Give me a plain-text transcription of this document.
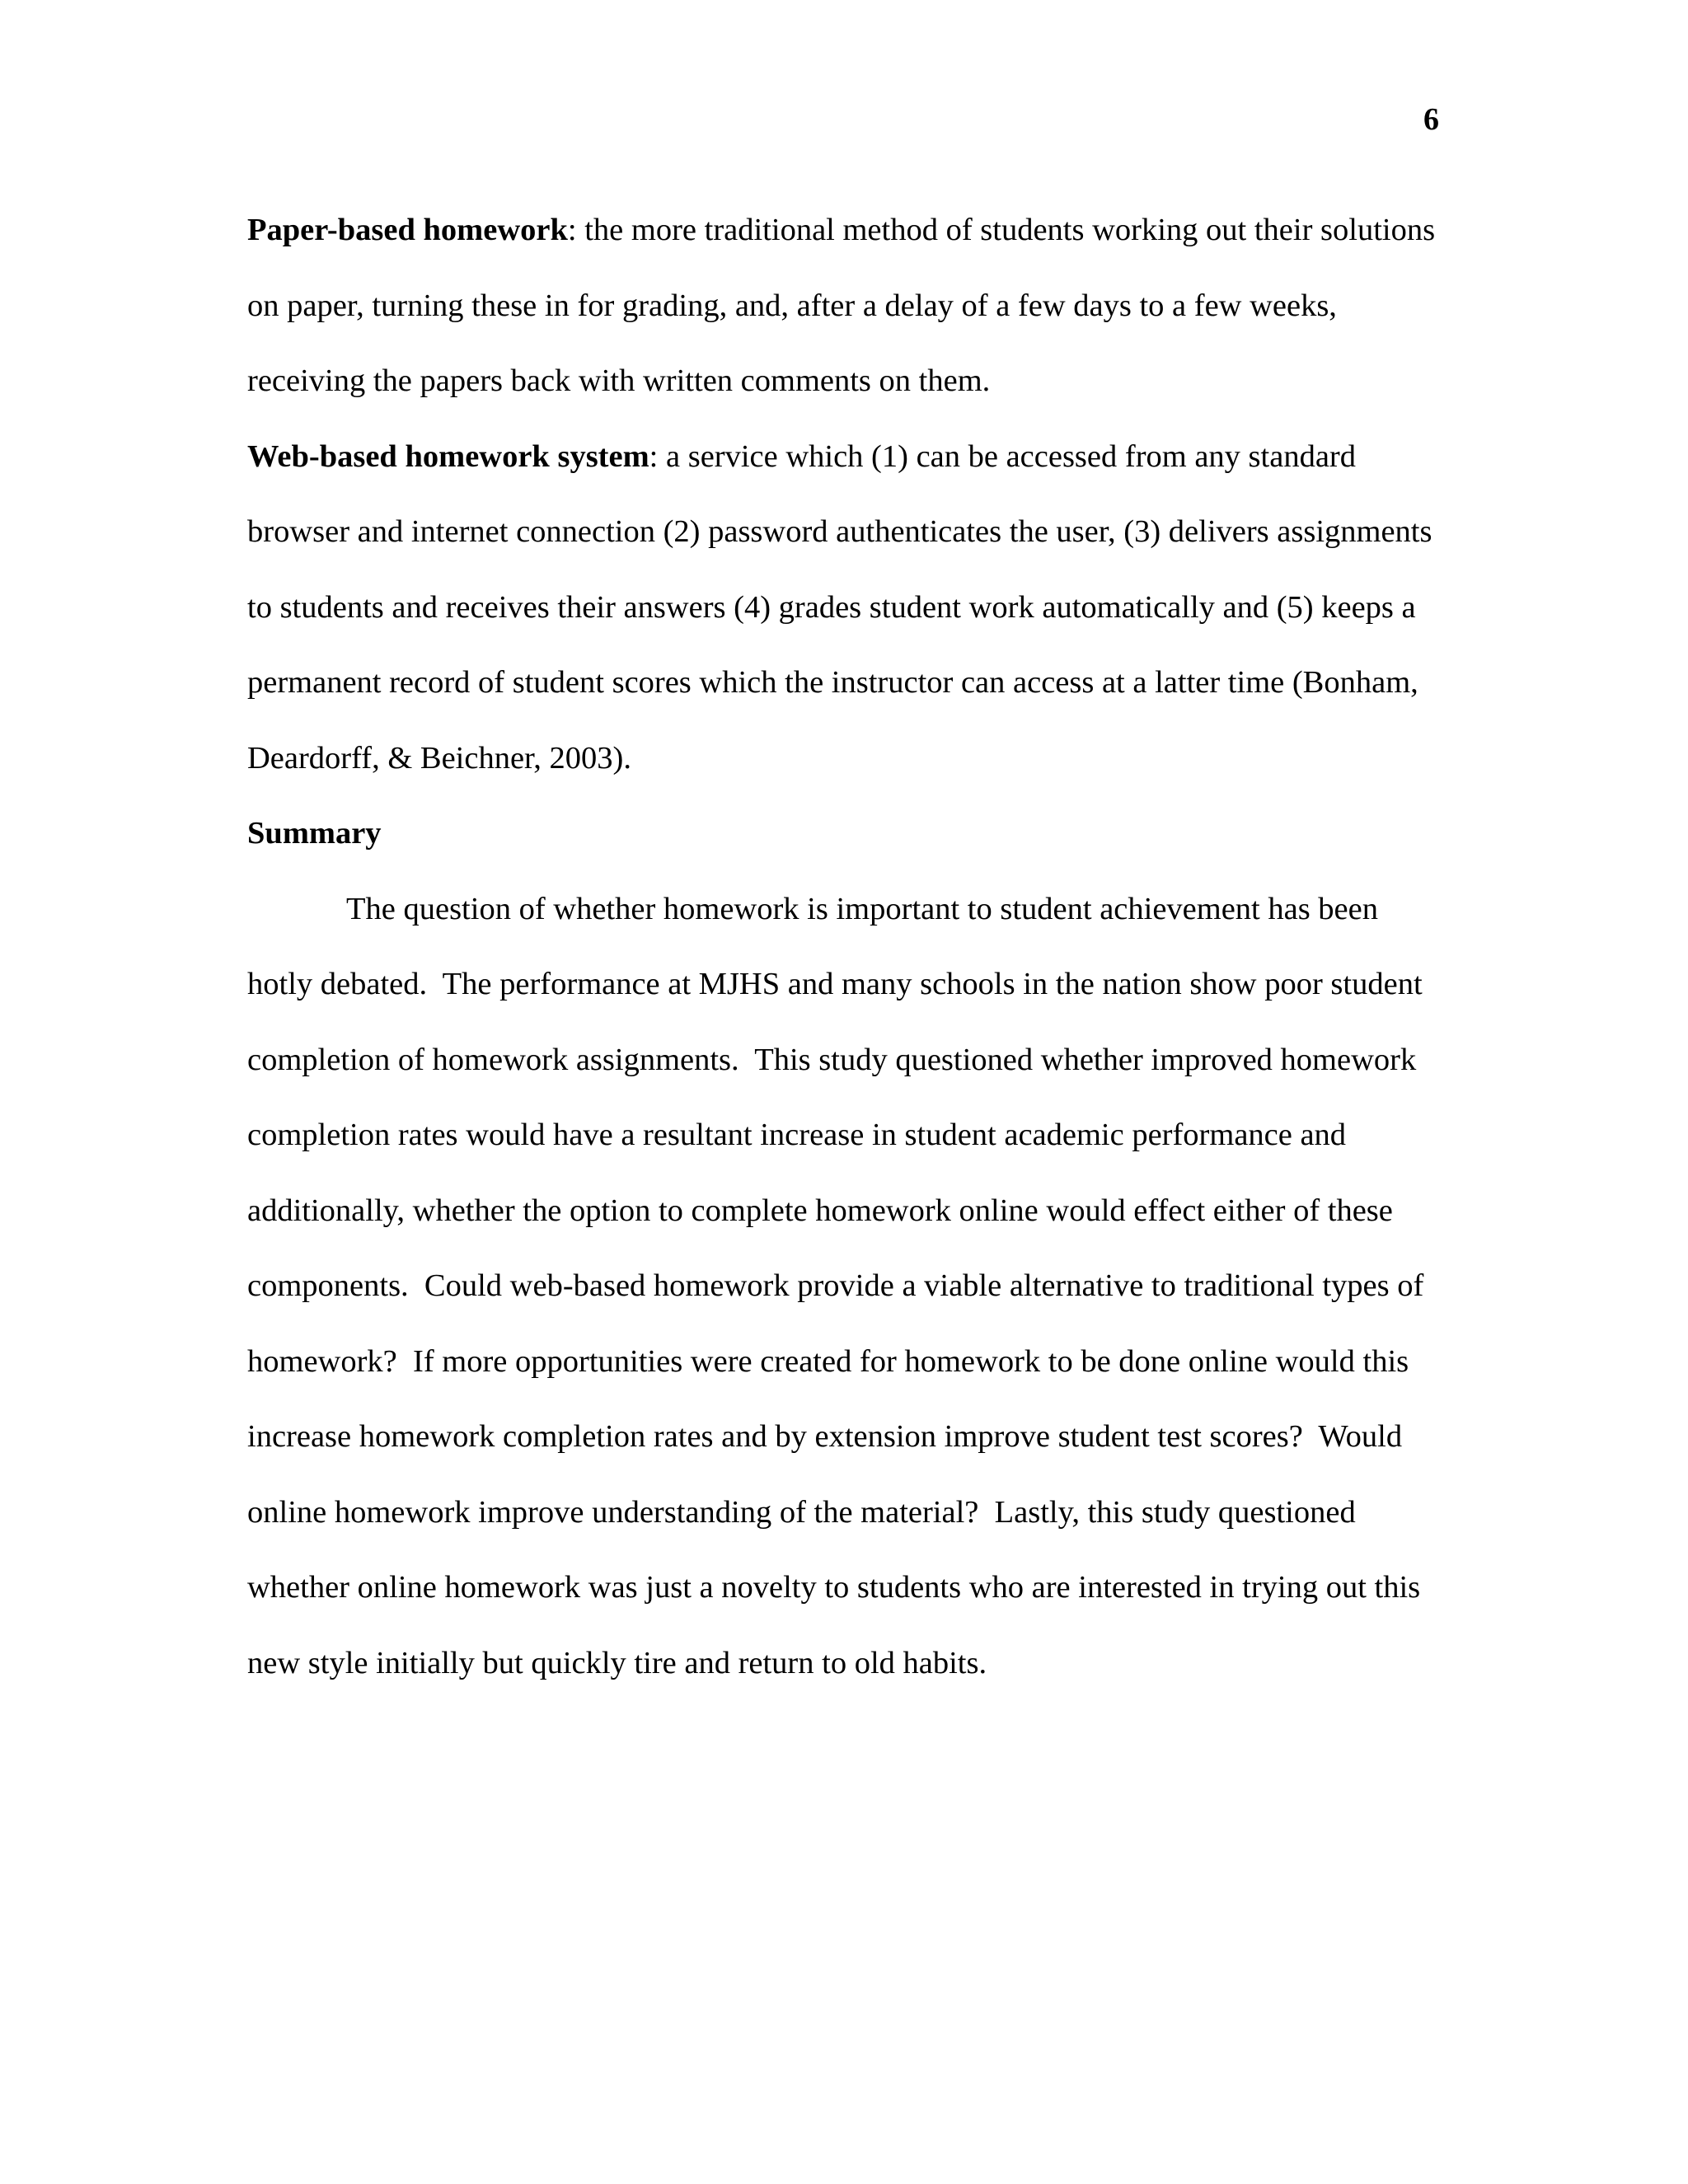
6

Paper-based homework: the more traditional method of students working out their solutions on paper, turning these in for grading, and, after a delay of a few days to a few weeks, receiving the papers back with written comments on them.

Web-based homework system: a service which (1) can be accessed from any standard browser and internet connection (2) password authenticates the user, (3) delivers assignments to students and receives their answers (4) grades student work automatically and (5) keeps a permanent record of student scores which the instructor can access at a latter time (Bonham, Deardorff, & Beichner, 2003).

Summary

The question of whether homework is important to student achievement has been hotly debated.  The performance at MJHS and many schools in the nation show poor student completion of homework assignments.  This study questioned whether improved homework completion rates would have a resultant increase in student academic performance and additionally, whether the option to complete homework online would effect either of these components.  Could web-based homework provide a viable alternative to traditional types of homework?  If more opportunities were created for homework to be done online would this increase homework completion rates and by extension improve student test scores?  Would online homework improve understanding of the material?  Lastly, this study questioned whether online homework was just a novelty to students who are interested in trying out this new style initially but quickly tire and return to old habits.
